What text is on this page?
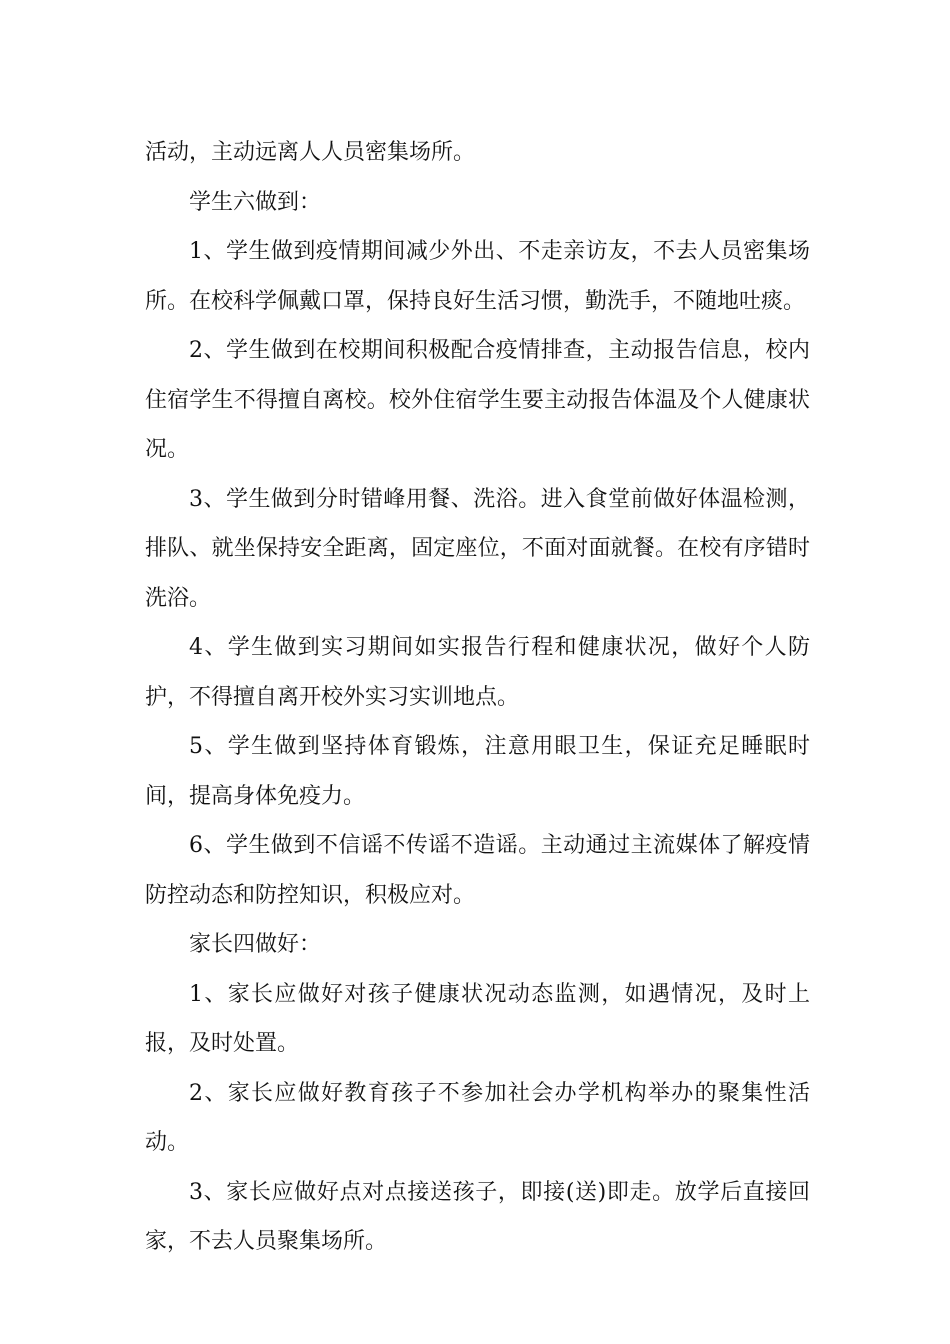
活动，主动远离人人员密集场所。

学生六做到：

1、学生做到疫情期间减少外出、不走亲访友，不去人员密集场所。在校科学佩戴口罩，保持良好生活习惯，勤洗手，不随地吐痰。

2、学生做到在校期间积极配合疫情排查，主动报告信息，校内住宿学生不得擅自离校。校外住宿学生要主动报告体温及个人健康状况。

3、学生做到分时错峰用餐、洗浴。进入食堂前做好体温检测，排队、就坐保持安全距离，固定座位，不面对面就餐。在校有序错时洗浴。

4、学生做到实习期间如实报告行程和健康状况，做好个人防护，不得擅自离开校外实习实训地点。

5、学生做到坚持体育锻炼，注意用眼卫生，保证充足睡眠时间，提高身体免疫力。

6、学生做到不信谣不传谣不造谣。主动通过主流媒体了解疫情防控动态和防控知识，积极应对。

家长四做好：

1、家长应做好对孩子健康状况动态监测，如遇情况，及时上报，及时处置。

2、家长应做好教育孩子不参加社会办学机构举办的聚集性活动。

3、家长应做好点对点接送孩子，即接(送)即走。放学后直接回家，不去人员聚集场所。
